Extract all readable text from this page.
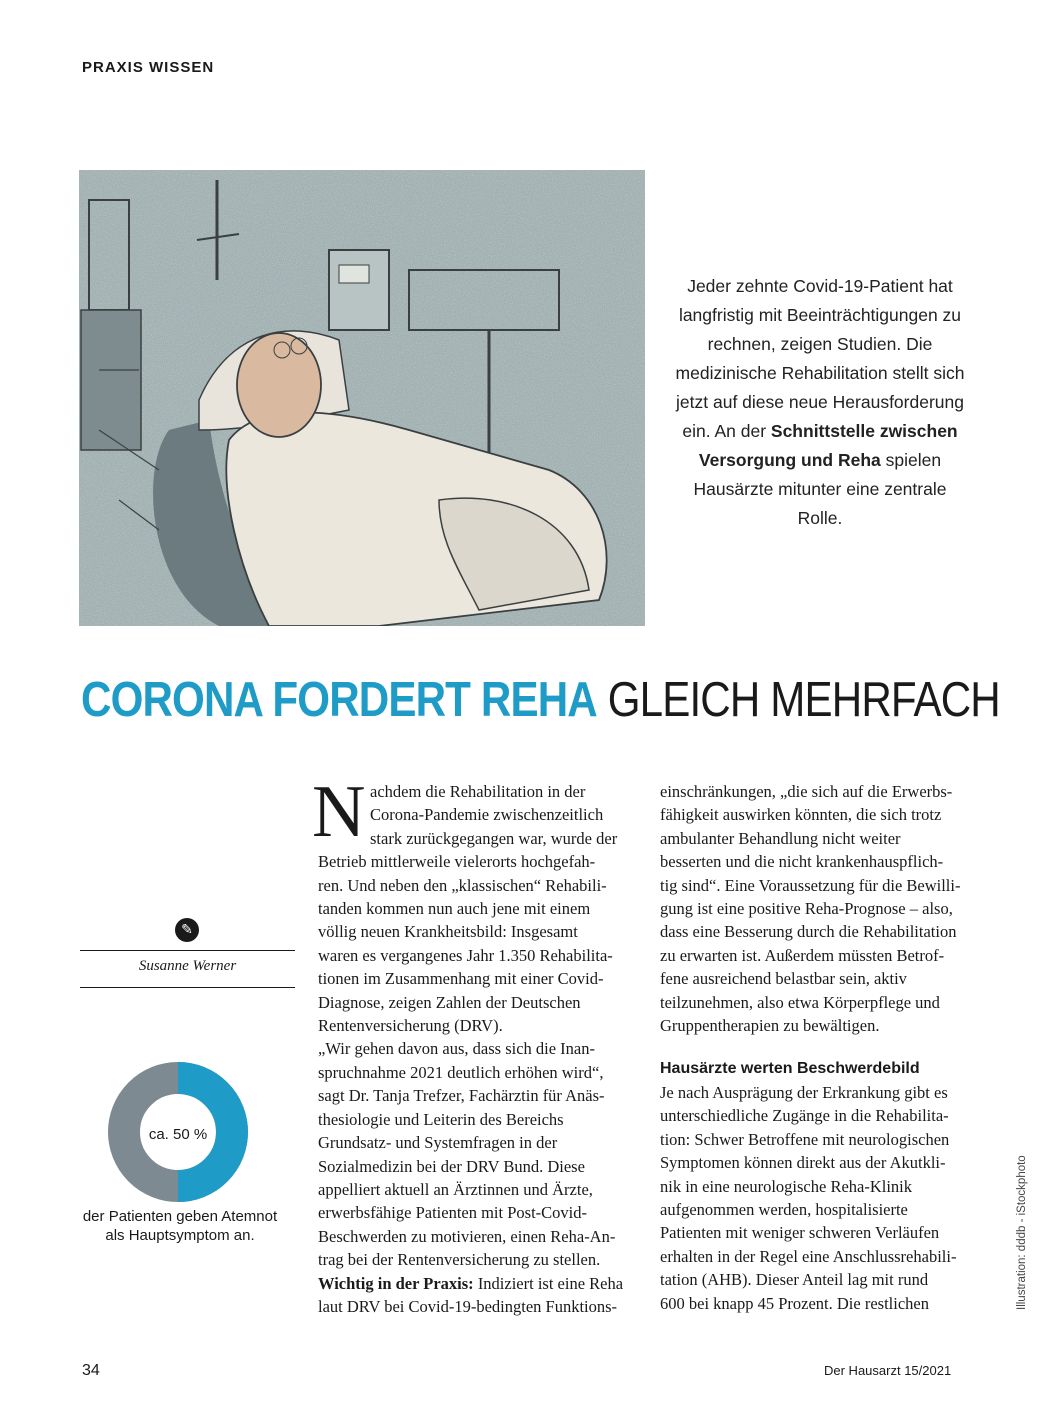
PRAXIS WISSEN
Jeder zehnte Covid-19-Patient hat langfristig mit Beeinträchtigungen zu rechnen, zeigen Studien. Die medizinische Rehabilitation stellt sich jetzt auf diese neue Herausforderung ein. An der Schnittstelle zwischen Versorgung und Reha spielen Hausärzte mitunter eine zentrale Rolle.
CORONA FORDERT REHA GLEICH MEHRFACH
✎
Susanne Werner
ca. 50 %
der Patienten geben Atemnot als Hauptsymptom an.
N achdem die Rehabilitation in der
Corona-Pandemie zwischenzeitlich
stark zurückgegangen war, wurde der
Betrieb mittlerweile vielerorts hochgefah-
ren. Und neben den „klassischen“ Rehabili-
tanden kommen nun auch jene mit einem
völlig neuen Krankheitsbild: Insgesamt
waren es vergangenes Jahr 1.350 Rehabilita-
tionen im Zusammenhang mit einer Covid-
Diagnose, zeigen Zahlen der Deutschen
Rentenversicherung (DRV).

„Wir gehen davon aus, dass sich die Inan-
spruchnahme 2021 deutlich erhöhen wird“,
sagt Dr. Tanja Trefzer, Fachärztin für Anäs-
thesiologie und Leiterin des Bereichs
Grundsatz- und Systemfragen in der
Sozialmedizin bei der DRV Bund. Diese
appelliert aktuell an Ärztinnen und Ärzte,
erwerbsfähige Patienten mit Post-Covid-
Beschwerden zu motivieren, einen Reha-An-
trag bei der Rentenversicherung zu stellen.

Wichtig in der Praxis: Indiziert ist eine Reha
laut DRV bei Covid-19-bedingten Funktions-

einschränkungen, „die sich auf die Erwerbs-
fähigkeit auswirken könnten, die sich trotz
ambulanter Behandlung nicht weiter
besserten und die nicht krankenhauspflich-
tig sind“. Eine Voraussetzung für die Bewilli-
gung ist eine positive Reha-Prognose – also,
dass eine Besserung durch die Rehabilitation
zu erwarten ist. Außerdem müssten Betrof-
fene ausreichend belastbar sein, aktiv
teilzunehmen, also etwa Körperpflege und
Gruppentherapien zu bewältigen.

Hausärzte werten Beschwerdebild

Je nach Ausprägung der Erkrankung gibt es
unterschiedliche Zugänge in die Rehabilita-
tion: Schwer Betroffene mit neurologischen
Symptomen können direkt aus der Akutkli-
nik in eine neurologische Reha-Klinik
aufgenommen werden, hospitalisierte
Patienten mit weniger schweren Verläufen
erhalten in der Regel eine Anschlussrehabili-
tation (AHB). Dieser Anteil lag mit rund
600 bei knapp 45 Prozent. Die restlichen	Illustration: dddb - iStockphoto
34	Der Hausarzt 15/2021
